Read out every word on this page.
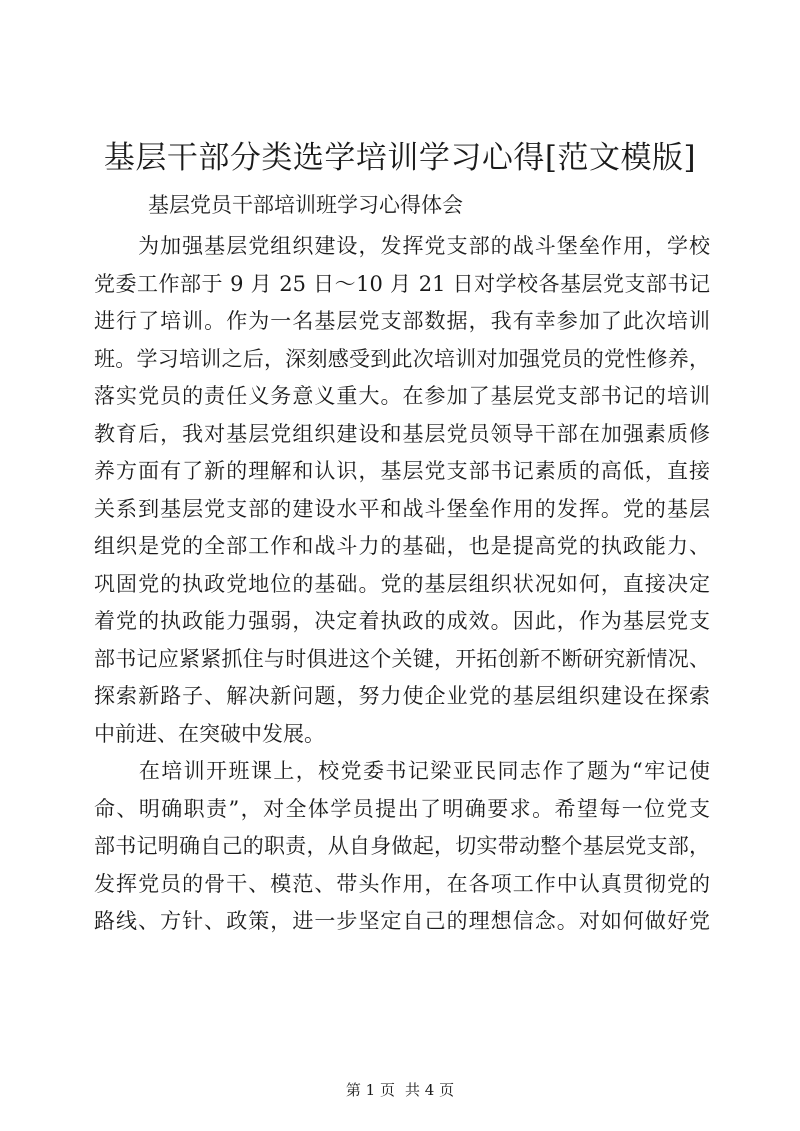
基层干部分类选学培训学习心得[范文模版]

基层党员干部培训班学习心得体会

　　为加强基层党组织建设，发挥党支部的战斗堡垒作用，学校
党委工作部于 9 月 25 日～10 月 21 日对学校各基层党支部书记
进行了培训。作为一名基层党支部数据，我有幸参加了此次培训
班。学习培训之后，深刻感受到此次培训对加强党员的党性修养，
落实党员的责任义务意义重大。在参加了基层党支部书记的培训
教育后，我对基层党组织建设和基层党员领导干部在加强素质修
养方面有了新的理解和认识，基层党支部书记素质的高低，直接
关系到基层党支部的建设水平和战斗堡垒作用的发挥。党的基层
组织是党的全部工作和战斗力的基础，也是提高党的执政能力、
巩固党的执政党地位的基础。党的基层组织状况如何，直接决定
着党的执政能力强弱，决定着执政的成效。因此，作为基层党支
部书记应紧紧抓住与时俱进这个关键，开拓创新不断研究新情况、
探索新路子、解决新问题，努力使企业党的基层组织建设在探索
中前进、在突破中发展。
　　在培训开班课上，校党委书记梁亚民同志作了题为“牢记使
命、明确职责”，对全体学员提出了明确要求。希望每一位党支
部书记明确自己的职责，从自身做起，切实带动整个基层党支部，
发挥党员的骨干、模范、带头作用，在各项工作中认真贯彻党的
路线、方针、政策，进一步坚定自己的理想信念。对如何做好党
第 1 页 共 4 页
